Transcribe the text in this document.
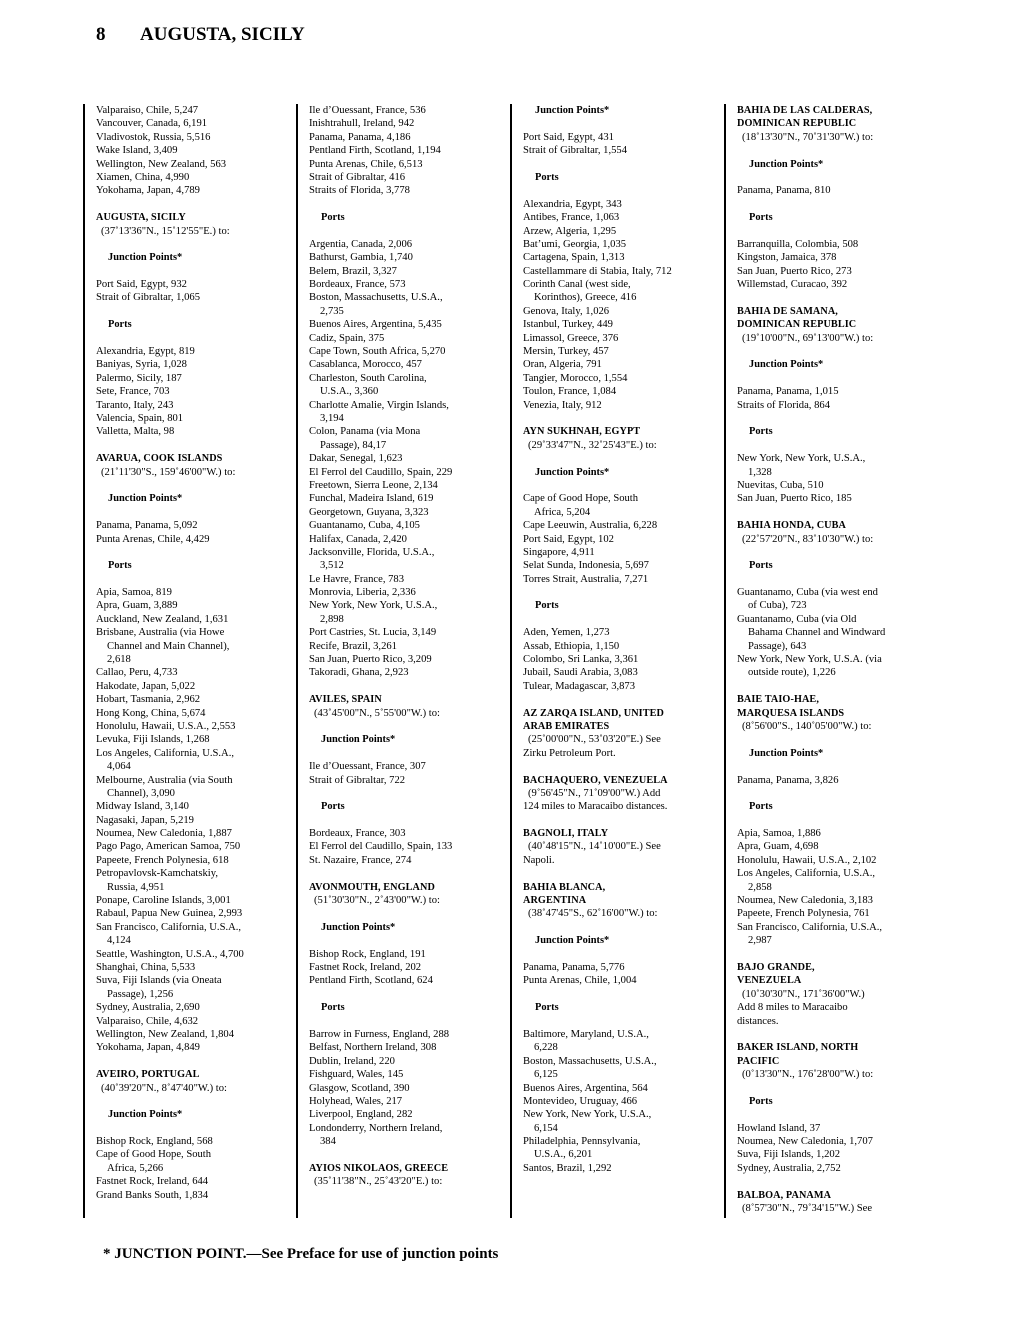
8 AUGUSTA, SICILY
Valparaiso, Chile, 5,247
Vancouver, Canada, 6,191
Vladivostok, Russia, 5,516
Wake Island, 3,409
Wellington, New Zealand, 563
Xiamen, China, 4,990
Yokohama, Japan, 4,789
AUGUSTA, SICILY
(37˚13'36"N., 15˚12'55"E.) to:
Junction Points*
Port Said, Egypt, 932
Strait of Gibraltar, 1,065
Ports
Alexandria, Egypt, 819
Baniyas, Syria, 1,028
Palermo, Sicily, 187
Sete, France, 703
Taranto, Italy, 243
Valencia, Spain, 801
Valletta, Malta, 98
AVARUA, COOK ISLANDS
(21˚11'30"S., 159˚46'00"W.) to:
Junction Points*
Panama, Panama, 5,092
Punta Arenas, Chile, 4,429
Ports
Apia, Samoa, 819
Apra, Guam, 3,889
Auckland, New Zealand, 1,631
Brisbane, Australia (via Howe
Channel and Main Channel),
2,618
Callao, Peru, 4,733
Hakodate, Japan, 5,022
Hobart, Tasmania, 2,962
Hong Kong, China, 5,674
Honolulu, Hawaii, U.S.A., 2,553
Levuka, Fiji Islands, 1,268
Los Angeles, California, U.S.A.,
4,064
Melbourne, Australia (via South
Channel), 3,090
Midway Island, 3,140
Nagasaki, Japan, 5,219
Noumea, New Caledonia, 1,887
Pago Pago, American Samoa, 750
Papeete, French Polynesia, 618
Petropavlovsk-Kamchatskiy,
Russia, 4,951
Ponape, Caroline Islands, 3,001
Rabaul, Papua New Guinea, 2,993
San Francisco, California, U.S.A.,
4,124
Seattle, Washington, U.S.A., 4,700
Shanghai, China, 5,533
Suva, Fiji Islands (via Oneata
Passage), 1,256
Sydney, Australia, 2,690
Valparaiso, Chile, 4,632
Wellington, New Zealand, 1,804
Yokohama, Japan, 4,849
AVEIRO, PORTUGAL
(40˚39'20"N., 8˚47'40"W.) to:
Junction Points*
Bishop Rock, England, 568
Cape of Good Hope, South
Africa, 5,266
Fastnet Rock, Ireland, 644
Grand Banks South, 1,834
Ile d’Ouessant, France, 536
Inishtrahull, Ireland, 942
Panama, Panama, 4,186
Pentland Firth, Scotland, 1,194
Punta Arenas, Chile, 6,513
Strait of Gibraltar, 416
Straits of Florida, 3,778
Ports
Argentia, Canada, 2,006
Bathurst, Gambia, 1,740
Belem, Brazil, 3,327
Bordeaux, France, 573
Boston, Massachusetts, U.S.A.,
2,735
Buenos Aires, Argentina, 5,435
Cadiz, Spain, 375
Cape Town, South Africa, 5,270
Casablanca, Morocco, 457
Charleston, South Carolina,
U.S.A., 3,360
Charlotte Amalie, Virgin Islands,
3,194
Colon, Panama (via Mona
Passage), 84,17
Dakar, Senegal, 1,623
El Ferrol del Caudillo, Spain, 229
Freetown, Sierra Leone, 2,134
Funchal, Madeira Island, 619
Georgetown, Guyana, 3,323
Guantanamo, Cuba, 4,105
Halifax, Canada, 2,420
Jacksonville, Florida, U.S.A.,
3,512
Le Havre, France, 783
Monrovia, Liberia, 2,336
New York, New York, U.S.A.,
2,898
Port Castries, St. Lucia, 3,149
Recife, Brazil, 3,261
San Juan, Puerto Rico, 3,209
Takoradi, Ghana, 2,923
AVILES, SPAIN
(43˚45'00"N., 5˚55'00"W.) to:
Junction Points*
Ile d’Ouessant, France, 307
Strait of Gibraltar, 722
Ports
Bordeaux, France, 303
El Ferrol del Caudillo, Spain, 133
St. Nazaire, France, 274
AVONMOUTH, ENGLAND
(51˚30'30"N., 2˚43'00"W.) to:
Junction Points*
Bishop Rock, England, 191
Fastnet Rock, Ireland, 202
Pentland Firth, Scotland, 624
Ports
Barrow in Furness, England, 288
Belfast, Northern Ireland, 308
Dublin, Ireland, 220
Fishguard, Wales, 145
Glasgow, Scotland, 390
Holyhead, Wales, 217
Liverpool, England, 282
Londonderry, Northern Ireland,
384
AYIOS NIKOLAOS, GREECE
(35˚11'38"N., 25˚43'20"E.) to:
Junction Points*
Port Said, Egypt, 431
Strait of Gibraltar, 1,554
Ports
Alexandria, Egypt, 343
Antibes, France, 1,063
Arzew, Algeria, 1,295
Bat’umi, Georgia, 1,035
Cartagena, Spain, 1,313
Castellammare di Stabia, Italy, 712
Corinth Canal (west side,
Korinthos), Greece, 416
Genova, Italy, 1,026
Istanbul, Turkey, 449
Limassol, Greece, 376
Mersin, Turkey, 457
Oran, Algeria, 791
Tangier, Morocco, 1,554
Toulon, France, 1,084
Venezia, Italy, 912
AYN SUKHNAH, EGYPT
(29˚33'47"N., 32˚25'43"E.) to:
Junction Points*
Cape of Good Hope, South
Africa, 5,204
Cape Leeuwin, Australia, 6,228
Port Said, Egypt, 102
Singapore, 4,911
Selat Sunda, Indonesia, 5,697
Torres Strait, Australia, 7,271
Ports
Aden, Yemen, 1,273
Assab, Ethiopia, 1,150
Colombo, Sri Lanka, 3,361
Jubail, Saudi Arabia, 3,083
Tulear, Madagascar, 3,873
AZ ZARQA ISLAND, UNITED
ARAB EMIRATES
(25˚00'00"N., 53˚03'20"E.) See
Zirku Petroleum Port.
BACHAQUERO, VENEZUELA
(9˚56'45"N., 71˚09'00"W.) Add
124 miles to Maracaibo distances.
BAGNOLI, ITALY
(40˚48'15"N., 14˚10'00"E.) See
Napoli.
BAHIA BLANCA,
ARGENTINA
(38˚47'45"S., 62˚16'00"W.) to:
Junction Points*
Panama, Panama, 5,776
Punta Arenas, Chile, 1,004
Ports
Baltimore, Maryland, U.S.A.,
6,228
Boston, Massachusetts, U.S.A.,
6,125
Buenos Aires, Argentina, 564
Montevideo, Uruguay, 466
New York, New York, U.S.A.,
6,154
Philadelphia, Pennsylvania,
U.S.A., 6,201
Santos, Brazil, 1,292
BAHIA DE LAS CALDERAS,
DOMINICAN REPUBLIC
(18˚13'30"N., 70˚31'30"W.) to:
Junction Points*
Panama, Panama, 810
Ports
Barranquilla, Colombia, 508
Kingston, Jamaica, 378
San Juan, Puerto Rico, 273
Willemstad, Curacao, 392
BAHIA DE SAMANA,
DOMINICAN REPUBLIC
(19˚10'00"N., 69˚13'00"W.) to:
Junction Points*
Panama, Panama, 1,015
Straits of Florida, 864
Ports
New York, New York, U.S.A.,
1,328
Nuevitas, Cuba, 510
San Juan, Puerto Rico, 185
BAHIA HONDA, CUBA
(22˚57'20"N., 83˚10'30"W.) to:
Ports
Guantanamo, Cuba (via west end
of Cuba), 723
Guantanamo, Cuba (via Old
Bahama Channel and Windward
Passage), 643
New York, New York, U.S.A. (via
outside route), 1,226
BAIE TAIO-HAE,
MARQUESA ISLANDS
(8˚56'00"S., 140˚05'00"W.) to:
Junction Points*
Panama, Panama, 3,826
Ports
Apia, Samoa, 1,886
Apra, Guam, 4,698
Honolulu, Hawaii, U.S.A., 2,102
Los Angeles, California, U.S.A.,
2,858
Noumea, New Caledonia, 3,183
Papeete, French Polynesia, 761
San Francisco, California, U.S.A.,
2,987
BAJO GRANDE,
VENEZUELA
(10˚30'30"N., 171˚36'00"W.)
Add 8 miles to Maracaibo
distances.
BAKER ISLAND, NORTH
PACIFIC
(0˚13'30"N., 176˚28'00"W.) to:
Ports
Howland Island, 37
Noumea, New Caledonia, 1,707
Suva, Fiji Islands, 1,202
Sydney, Australia, 2,752
BALBOA, PANAMA
(8˚57'30"N., 79˚34'15"W.) See
* JUNCTION POINT.—See Preface for use of junction points
